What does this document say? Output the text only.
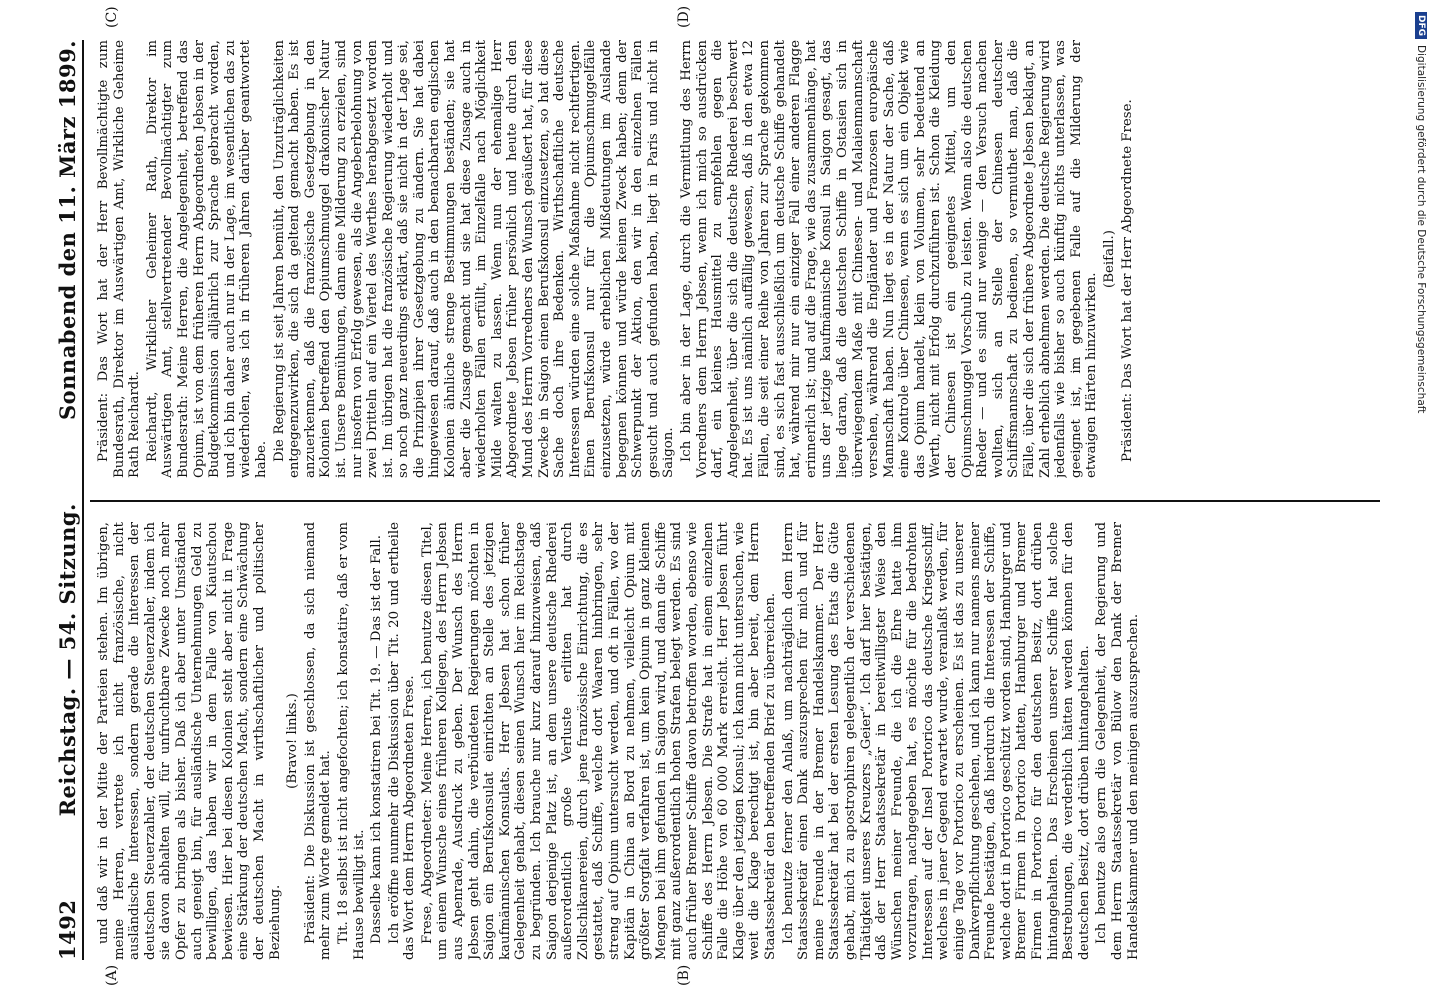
1492
Reichstag. — 54. Sitzung.
Sonnabend den 11. März 1899.
(A)	(B)
(C)	(D)

und daß wir in der Mitte der Parteien stehen. Im übrigen, meine Herren, vertrete ich nicht französische, nicht ausländische Interessen, sondern gerade die Interessen der deutschen Steuerzahler, der deutschen Steuerzahler, indem ich sie davon abhalten will, für unfruchtbare Zwecke noch mehr Opfer zu bringen als bisher. Daß ich aber unter Umständen auch geneigt bin, für ausländische Unternehmungen Geld zu bewilligen, das haben wir in dem Falle von Kiautschou bewiesen. Hier bei diesen Kolonien steht aber nicht in Frage eine Stärkung der deutschen Macht, sondern eine Schwächung der deutschen Macht in wirthschaftlicher und politischer Beziehung.

(Bravo! links.) Präsident: Die Diskussion ist geschlossen, da sich niemand mehr zum Worte gemeldet hat. Tit. 18 selbst ist nicht angefochten; ich konstatire, daß er vom Hause bewilligt ist. Dasselbe kann ich konstatiren bei Tit. 19. — Das ist der Fall. Ich eröffne nunmehr die Diskussion über Tit. 20 und ertheile das Wort dem Herrn Abgeordneten Frese. Frese, Abgeordneter: Meine Herren, ich benutze diesen Titel, um einem Wunsche eines früheren Kollegen, des Herrn Jebsen aus Apenrade, Ausdruck zu geben. Der Wunsch des Herrn Jebsen geht dahin, die verbündeten Regierungen möchten in Saigon ein Berufskonsulat einrichten an Stelle des jetzigen kaufmännischen Konsulats. Herr Jebsen hat schon früher Gelegenheit gehabt, diesen seinen Wunsch hier im Reichstage zu begründen. Ich brauche nur kurz darauf hinzuweisen, daß Saigon derjenige Platz ist, an dem unsere deutsche Rhederei außerordentlich große Verluste erlitten hat durch Zollschikanereien, durch jene französische Einrichtung, die es gestattet, daß Schiffe, welche dort Waaren hinbringen, sehr streng auf Opium untersucht werden, und oft in Fällen, wo der Kapitän in China an Bord zu nehmen, vielleicht Opium mit größter Sorgfalt verfahren ist, um kein Opium in ganz kleinen Mengen bei ihm gefunden in Saigon wird, und dann die Schiffe mit ganz außerordentlich hohen Strafen belegt werden. Es sind auch früher Bremer Schiffe davon betroffen worden, ebenso wie Schiffe des Herrn Jebsen. Die Strafe hat in einem einzelnen Falle die Höhe von 60 000 Mark erreicht. Herr Jebsen führt Klage über den jetzigen Konsul; ich kann nicht untersuchen, wie weit die Klage berechtigt ist, bin aber bereit, dem Herrn Staatssekretär den betreffenden Brief zu überreichen. Ich benutze ferner den Anlaß, um nachträglich dem Herrn Staatssekretär einen Dank auszusprechen für mich und für meine Freunde in der Bremer Handelskammer. Der Herr Staatssekretär hat bei der ersten Lesung des Etats die Güte gehabt, mich zu apostrophiren gelegentlich der verschiedenen Thätigkeit unseres Kreuzers „Geier“. Ich darf hier bestätigen, daß der Herr Staatssekretär in bereitwilligster Weise den Wünschen meiner Freunde, die ich die Ehre hatte ihm vorzutragen, nachgegeben hat, es möchte für die bedrohten Interessen auf der Insel Portorico das deutsche Kriegsschiff, welches in jener Gegend erwartet wurde, veranlaßt werden, für einige Tage vor Portorico zu erscheinen. Es ist das zu unserer Dankverpflichtung geschehen, und ich kann nur namens meiner Freunde bestätigen, daß hierdurch die Interessen der Schiffe, welche dort in Portorico geschützt worden sind, Hamburger und Bremer Firmen in Portorico hatten, Hamburger und Bremer Firmen in Portorico für den deutschen Besitz, dort drüben hintangehalten. Das Erscheinen unserer Schiffe hat solche Bestrebungen, die verderblich hätten werden können für den deutschen Besitz, dort drüben hintangehalten. Ich benutze also gern die Gelegenheit, der Regierung und dem Herrn Staatssekretär von Bülow den Dank der Bremer Handelskammer und den meinigen auszusprechen.

Präsident: Das Wort hat der Herr Bevollmächtigte zum Bundesrath, Direktor im Auswärtigen Amt, Wirkliche Geheime Rath Reichardt. Reichardt, Wirklicher Geheimer Rath, Direktor im Auswärtigen Amt, stellvertretender Bevollmächtigter zum Bundesrath: Meine Herren, die Angelegenheit, betreffend das Opium, ist von dem früheren Herrn Abgeordneten Jebsen in der Budgetkommission alljährlich zur Sprache gebracht worden, und ich bin daher auch nur in der Lage, im wesentlichen das zu wiederholen, was ich in früheren Jahren darüber geantwortet habe. Die Regierung ist seit Jahren bemüht, den Unzuträglichkeiten entgegenzuwirken, die sich da geltend gemacht haben. Es ist anzuerkennen, daß die französische Gesetzgebung in den Kolonien betreffend den Opiumschmuggel drakonischer Natur ist. Unsere Bemühungen, dann eine Milderung zu erzielen, sind nur insofern von Erfolg gewesen, als die Angeberbelohnung von zwei Dritteln auf ein Viertel des Werthes herabgesetzt worden ist. Im übrigen hat die französische Regierung wiederholt und so noch ganz neuerdings erklärt, daß sie nicht in der Lage sei, die Prinzipien ihrer Gesetzgebung zu ändern. Sie hat dabei hingewiesen darauf, daß auch in den benachbarten englischen Kolonien ähnliche strenge Bestimmungen beständen; sie hat aber die Zusage gemacht und sie hat diese Zusage auch in wiederholten Fällen erfüllt, im Einzelfalle nach Möglichkeit Milde walten zu lassen. Wenn nun der ehemalige Herr Abgeordnete Jebsen früher persönlich und heute durch den Mund des Herrn Vorredners den Wunsch geäußert hat, für diese Zwecke in Saigon einen Berufskonsul einzusetzen, so hat diese Sache doch ihre Bedenken. Wirthschaftliche deutsche Interessen würden eine solche Maßnahme nicht rechtfertigen. Einen Berufskonsul nur für die Opiumschmuggelfälle einzusetzen, würde erheblichen Mißdeutungen im Auslande begegnen können und würde keinen Zweck haben; denn der Schwerpunkt der Aktion, den wir in den einzelnen Fällen gesucht und auch gefunden haben, liegt in Paris und nicht in Saigon. Ich bin aber in der Lage, durch die Vermittlung des Herrn Vorredners dem Herrn Jebsen, wenn ich mich so ausdrücken darf, ein kleines Hausmittel zu empfehlen gegen die Angelegenheit, über die sich die deutsche Rhederei beschwert hat. Es ist uns nämlich auffällig gewesen, daß in den etwa 12 Fällen, die seit einer Reihe von Jahren zur Sprache gekommen sind, es sich fast ausschließlich um deutsche Schiffe gehandelt hat, während mir nur ein einziger Fall einer anderen Flagge erinnerlich ist; und auf die Frage, wie das zusammenhänge, hat uns der jetzige kaufmännische Konsul in Saigon gesagt, das liege daran, daß die deutschen Schiffe in Ostasien sich in überwiegendem Maße mit Chinesen- und Malaienmannschaft versehen, während die Engländer und Franzosen europäische Mannschaft haben. Nun liegt es in der Natur der Sache, daß eine Kontrole über Chinesen, wenn es sich um ein Objekt wie das Opium handelt, klein von Volumen, sehr bedeutend an Werth, nicht mit Erfolg durchzuführen ist. Schon die Kleidung der Chinesen ist ein geeignetes Mittel, um den Opiumschmuggel Vorschub zu leisten. Wenn also die deutschen Rheder — und es sind nur wenige — den Versuch machen wollten, sich an Stelle der Chinesen deutscher Schiffsmannschaft zu bedienen, so vermuthet man, daß die Fälle, über die sich der frühere Abgeordnete Jebsen beklagt, an Zahl erheblich abnehmen werden. Die deutsche Regierung wird jedenfalls wie bisher so auch künftig nichts unterlassen, was geeignet ist, im gegebenen Falle auf die Milderung der etwaigen Härten hinzuwirken.

(Beifall.) Präsident: Das Wort hat der Herr Abgeordnete Frese.

DFG
Digitalisierung gefördert durch die Deutsche Forschungsgemeinschaft
